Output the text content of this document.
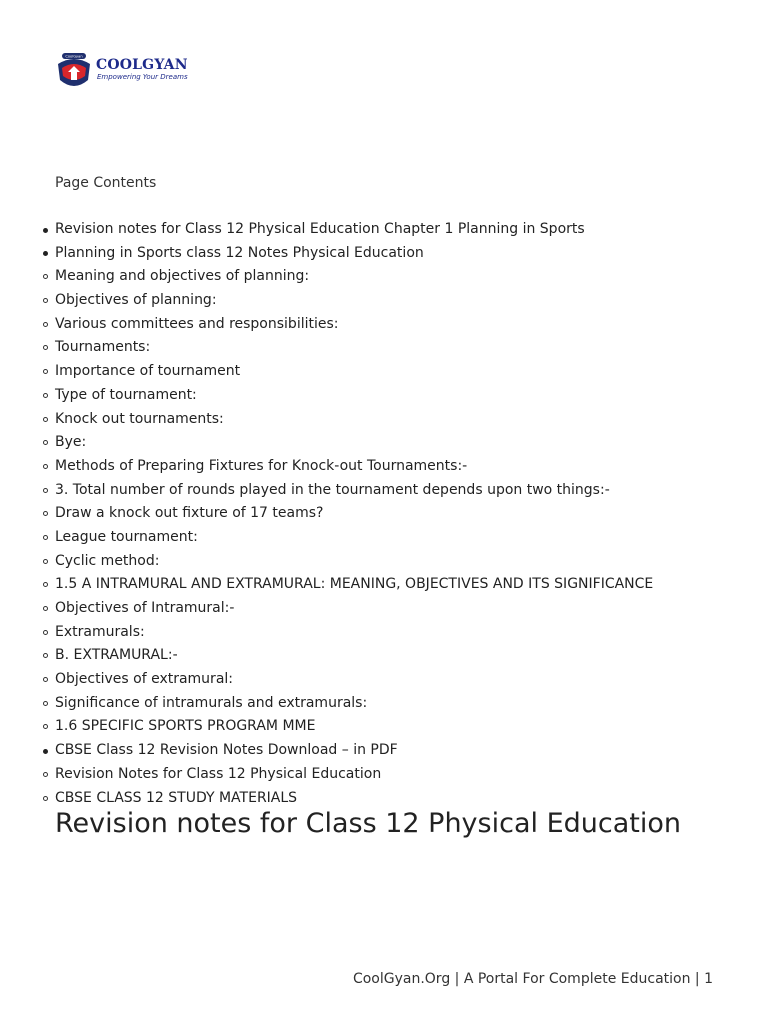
CoolGyan
COOLGYAN
Empowering Your Dreams
Page Contents
Revision notes for Class 12 Physical Education Chapter 1 Planning in Sports
Planning in Sports class 12 Notes Physical Education
Meaning and objectives of planning:
Objectives of planning:
Various committees and responsibilities:
Tournaments:
Importance of tournament
Type of tournament:
Knock out tournaments:
Bye:
Methods of Preparing Fixtures for Knock-out Tournaments:-
3. Total number of rounds played in the tournament depends upon two things:-
Draw a knock out fixture of 17 teams?
League tournament:
Cyclic method:
1.5 A INTRAMURAL AND EXTRAMURAL: MEANING, OBJECTIVES AND ITS SIGNIFICANCE
Objectives of Intramural:-
Extramurals:
B. EXTRAMURAL:-
Objectives of extramural:
Significance of intramurals and extramurals:
1.6 SPECIFIC SPORTS PROGRAM MME
CBSE Class 12 Revision Notes Download – in PDF
Revision Notes for Class 12 Physical Education
CBSE CLASS 12 STUDY MATERIALS
Revision notes for Class 12 Physical Education
CoolGyan.Org | A Portal For Complete Education | 1
